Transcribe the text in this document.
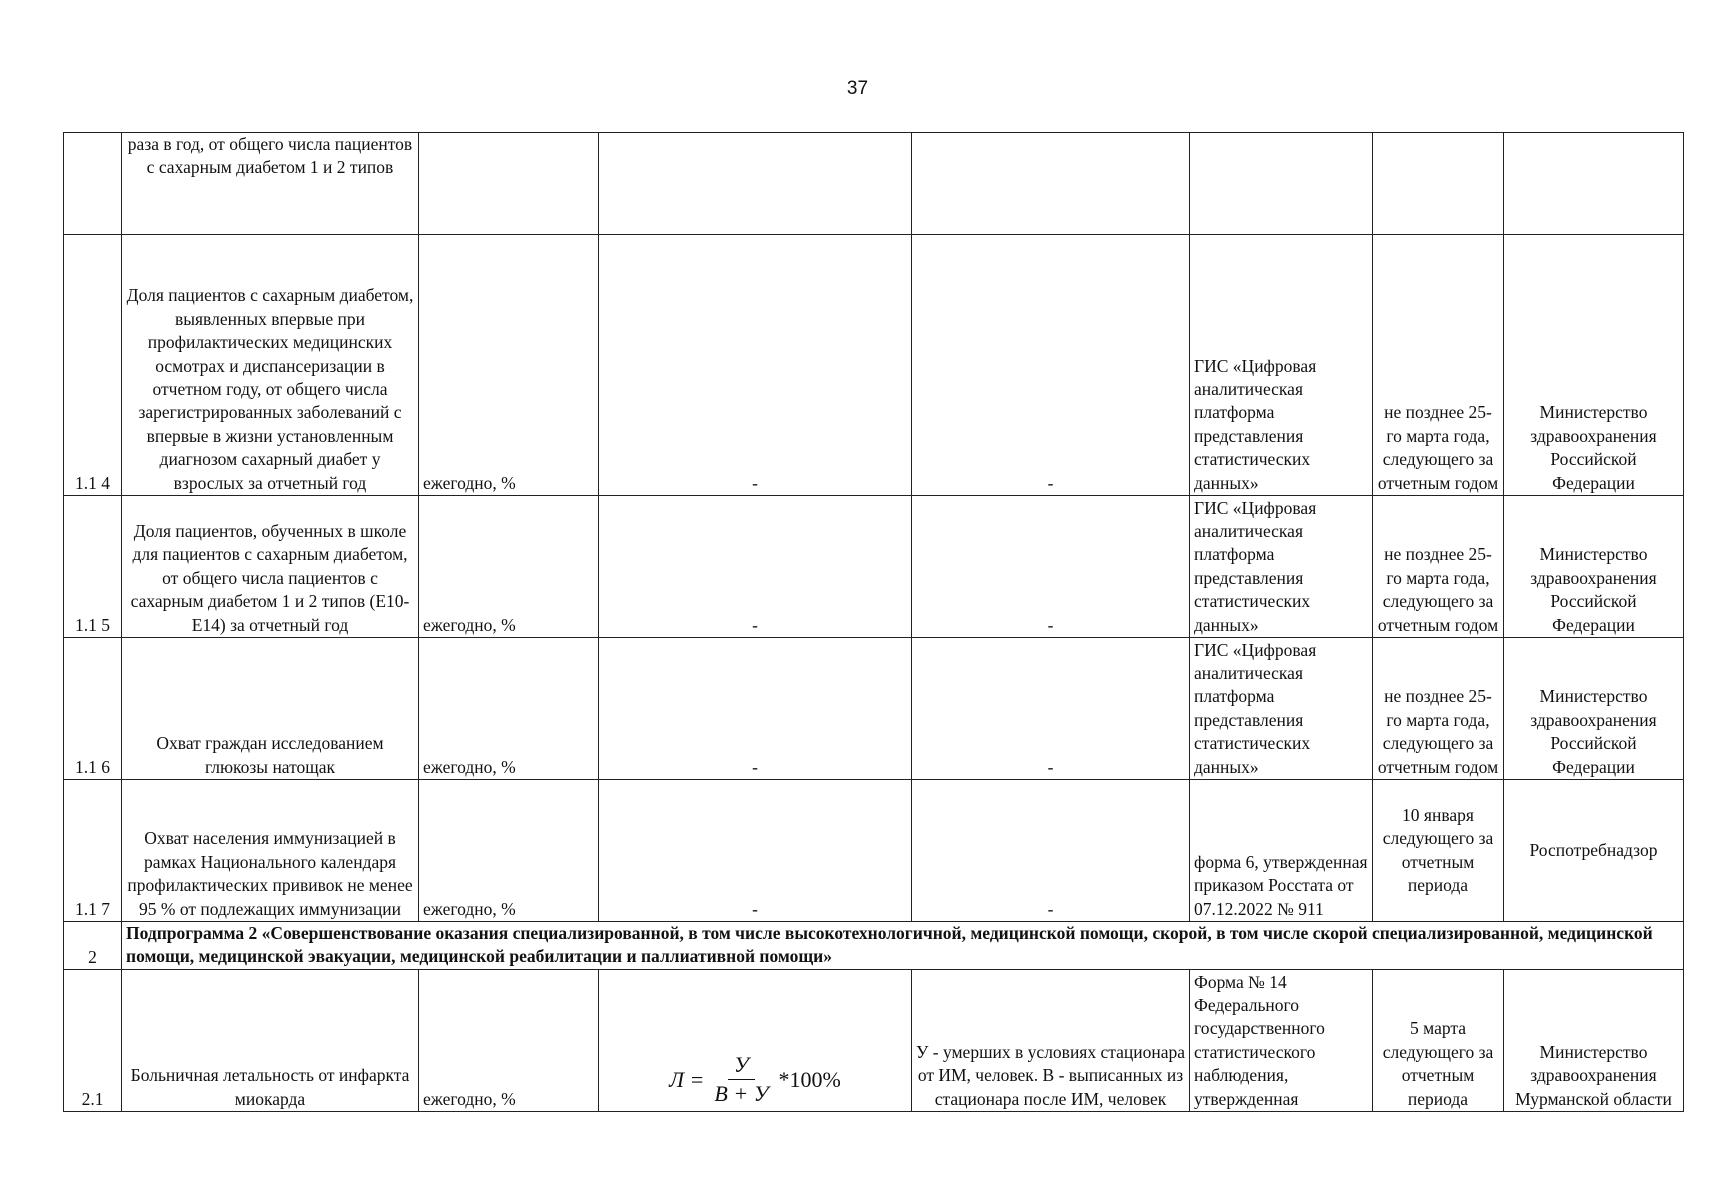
37
	раза в год, от общего числа пациентов с сахарным диабетом 1 и 2 типов						
1.1 4	Доля пациентов с сахарным диабетом, выявленных впервые при профилактических медицинских осмотрах и диспансеризации в отчетном году, от общего числа зарегистрированных заболеваний с впервые в жизни установленным диагнозом сахарный диабет у взрослых за отчетный год	ежегодно, %	-	-	ГИС «Цифровая аналитическая платформа представления статистических данных»	не позднее 25-го марта года, следующего за отчетным годом	Министерство здравоохранения Российской Федерации
1.1 5	Доля пациентов, обученных в школе для пациентов с сахарным диабетом, от общего числа пациентов с сахарным диабетом 1 и 2 типов (Е10-Е14) за отчетный год	ежегодно, %	-	-	ГИС «Цифровая аналитическая платформа представления статистических данных»	не позднее 25-го марта года, следующего за отчетным годом	Министерство здравоохранения Российской Федерации
1.1 6	Охват граждан исследованием глюкозы натощак	ежегодно, %	-	-	ГИС «Цифровая аналитическая платформа представления статистических данных»	не позднее 25-го марта года, следующего за отчетным годом	Министерство здравоохранения Российской Федерации
1.1 7	Охват населения иммунизацией в рамках Национального календаря профилактических прививок не менее 95 % от подлежащих иммунизации	ежегодно, %	-	-	форма 6, утвержденная приказом Росстата от 07.12.2022 № 911	10 января следующего за отчетным периода	Роспотребнадзор
2	Подпрограмма 2 «Совершенствование оказания специализированной, в том числе высокотехнологичной, медицинской помощи, скорой, в том числе скорой специализированной, медицинской помощи, медицинской эвакуации, медицинской реабилитации и паллиативной помощи»						
2.1	Больничная летальность от инфаркта миокарда	ежегодно, %	$Л = \frac{У}{В + У} *100\%$	У - умерших в условиях стационара от ИМ, человек. В - выписанных из стационара после ИМ, человек	Форма № 14 Федерального государственного статистического наблюдения, утвержденная	5 марта следующего за отчетным периода	Министерство здравоохранения Мурманской области
